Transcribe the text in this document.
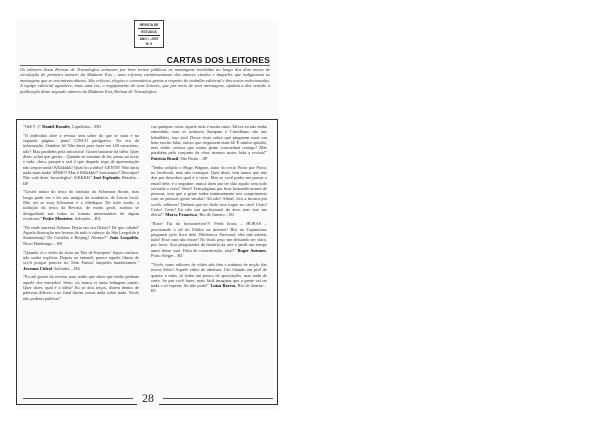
REVISTA DE
ESTUDOS
ANO I - 2007
Nº 3
CARTAS DOS LEITORES
Os editores desta Revista de Travadoglos achavam por bem tornar públicas as mensagens recebidas ao longo dos dois meses de circulação do primeiro número da Madame Eva – uma e-forma carinhosamente dos amores citados e daqueles que indiguaram as mensagens que se encontram abaixo. São críticas, elogios e comentários gerais a respeito do trabalho editorial e dos textos redecionados. A equipe editorial agradece, mais uma vez, o engajamento de seus leitores, que por meio de seus mensagens, ajudam a dar sentido à publicação deste segundo número da Madame Eva, Revista de Travadoglos.

"Olá!!! :)" Daniel Rosales, Capelinha – MG

"O individuo abre a revista sem saber do que se trata e na segunda página... pum! CINCO parágrafos. Na era da informação. Outubro lá! Não daria para fazer em 140 caracteres, não? Mas parabéns pela iniciativa! Gostei bastante da idéia. Quer dizer, achei que gostei... Quando eu termino de ler, penso no texto e tudo, claro, porque a real é que daquele tripo de apresentação não sequer nada! KKkkkkk! Qual foi a idéia? GENTE! Não daria nada mais nada! SÉRIO! Mas é KKkkkk!! Sarcasmos? Desculpe! Não vale dizer 'travadoglos'. KKKKK" José Esplendo, Brasília – DF

"Gostei muito do texto do tradutor da Alfonsina Storni, mas longo pude ver e ler aos amigos da academia, de Letras local. Não sei se essa Alfonsina é a fidedigna. De todo modo, a tradução do texto da Revista, de modo geral, acabou se desigualado nas todas as formas interessantes de algum escritores" Pedro Monteiro, Salvador – BA

"De onde surrevia Alfonso Deyia em seu Diário? De que cidade? Aquela ilustração me leveou da tudo à cabeça: da São Leopoldo à Stuttenburg? De Curitiba a Beijing? Alonzo?" João Leopoldo, Novo Hamburgo – RS

"Quando vi o vídeo do texto no 'Rio de Estrepeto' fiquei confuso, não soube explicar. Depois eu entendi: parece aquele filmes de sci-fi porque parecia ter 'Sem Futuro' daqueles bandeirantes." Jovenna Cidral, Salvador – BA

"Eu até gostei da revista, mas tenho que dizer que tenho pedante aquele dos entendos! Sério, eu nunca vi tanta bobagem juntas. Quer dizer, qual é a idéia? Eu só dou terços, dizem dentro de palavras difíceis e no final dizem coisas nada sobre nada. Vocês não podiam publicar"

car qualquer coisa, aquele tudo é muito ruim. Talvez eu não tenha entendido, mas os senhores Sampaio e Castelhano são uns bobalhões, isso sim! Desse texto sobre que pingarem mais um bem escrito falar, outros que riegassem nuns lá! É minha opinião, mas tenho certeza que muita gente concordará comigo! Mas parabéns pelo conjunto da obra, mesmo assim foda a revista!" Patrícia Brasil, São Paulo – SP

"Tenho achado o Hugo Wagner, autor do texto Porto por Porto, no facebook, mas não consegui. Quer dizer, tem tantos que não deu pra descobrir qual é o certo. Mas se você puder me passar o email dele, é o seguinte: nunca doeu pra ter dito aquilo sem tudo ser nada o certo! Sério! Tem páginas pra ficar lustrando nomes de pessoas, tem que a gente tenha minimamente um comprimento com as pessoas gente similar! Ah não! Afinal, fica a bronca pra vocês, editores! Tinham que ter dado esse toque no cara! Certo! Certo! Certo! Eu não sou profissional da área, mas isso me óbvio!" Marco Francisco, Rio de Janeiro – RJ

"Bora! Tiu do homoafetivo!!! Perdi horas – HORAS – procurando o tal do Silúlio na internet! Biri no Capinerina, perguntei pelo livro dele. Biblioteca Nacional, eles não sabem, tudo! Esse cara não existe! No final, peço me deixando ser claro, por favor. Sou pesquisador da história da arte e perdi um tempo antes desse caré. Falta de consideração, total!" Roger Antunes, Porto Alegre – RJ

"Vocês como editores de vídeo não têm o mínimo de noção das textos Sério! Aquele vídeo de abertura. Um falando em prol de quanto a mim, só tinha um pouco de aprovações, mas nada de certo. Se pra você fazer, mais fácil imaginar que a gente vai ter nada e só esperar. Só não pode!" Luiza Barros, Rio de Janeiro – RJ

28
